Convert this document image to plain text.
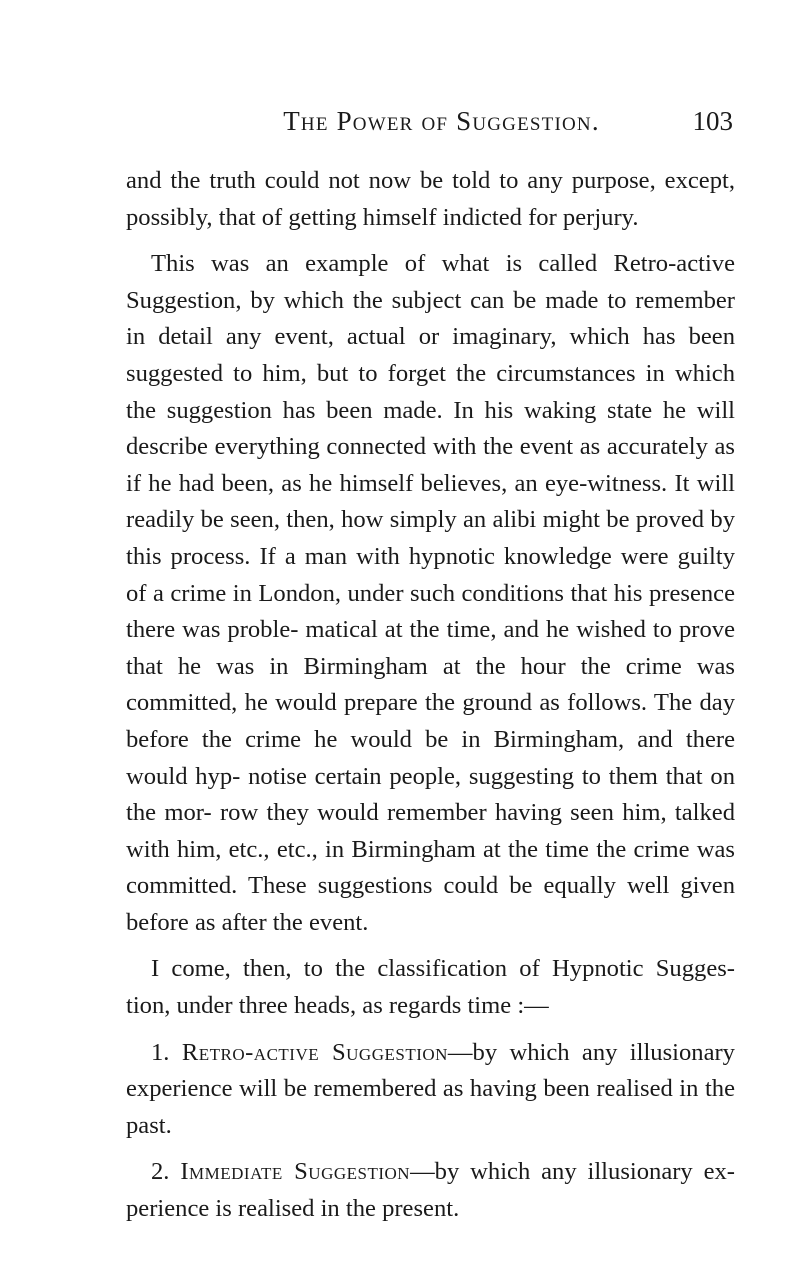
The Power of Suggestion.	103

and the truth could not now be told to any purpose, except, possibly, that of getting himself indicted for perjury.

This was an example of what is called Retro-active Suggestion, by which the subject can be made to remember in detail any event, actual or imaginary, which has been suggested to him, but to forget the circumstances in which the suggestion has been made. In his waking state he will describe everything connected with the event as accurately as if he had been, as he himself believes, an eye-witness. It will readily be seen, then, how simply an alibi might be proved by this process. If a man with hypnotic knowledge were guilty of a crime in London, under such conditions that his presence there was proble- matical at the time, and he wished to prove that he was in Birmingham at the hour the crime was committed, he would prepare the ground as follows. The day before the crime he would be in Birmingham, and there would hyp- notise certain people, suggesting to them that on the mor- row they would remember having seen him, talked with him, etc., etc., in Birmingham at the time the crime was committed. These suggestions could be equally well given before as after the event.

I come, then, to the classification of Hypnotic Sugges- tion, under three heads, as regards time :—

1. Retro-active Suggestion—by which any illusionary experience will be remembered as having been realised in the past.

2. Immediate Suggestion—by which any illusionary ex- perience is realised in the present.
